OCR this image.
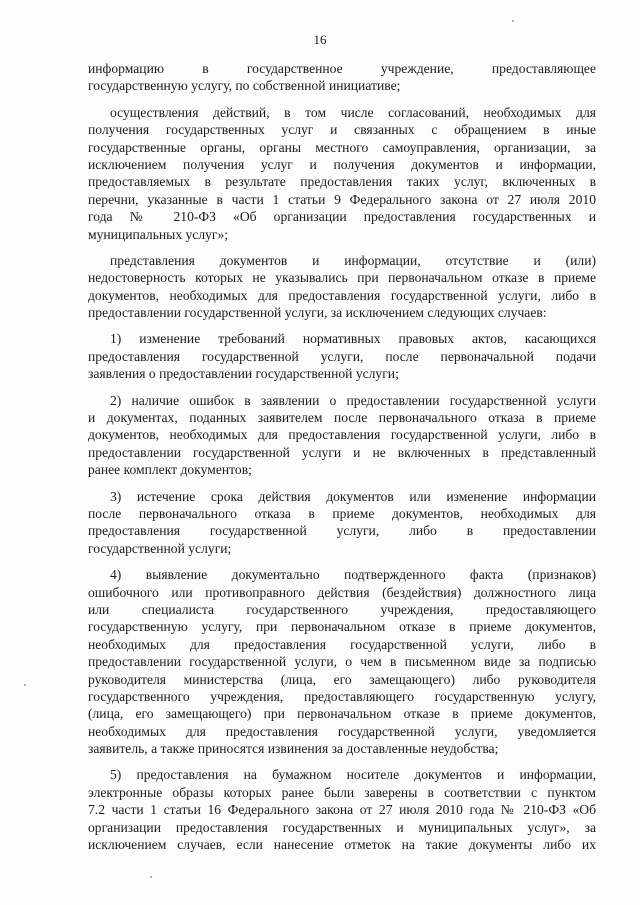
16
информацию в государственное учреждение, предоставляющее
государственную услугу, по собственной инициативе;
осуществления действий, в том числе согласований, необходимых для
получения государственных услуг и связанных с обращением в иные
государственные органы, органы местного самоуправления, организации, за
исключением получения услуг и получения документов и информации,
предоставляемых в результате предоставления таких услуг, включенных в
перечни, указанные в части 1 статьи 9 Федерального закона от 27 июля 2010
года № 210-ФЗ «Об организации предоставления государственных и
муниципальных услуг»;
представления документов и информации, отсутствие и (или)
недостоверность которых не указывались при первоначальном отказе в приеме
документов, необходимых для предоставления государственной услуги, либо в
предоставлении государственной услуги, за исключением следующих случаев:
1) изменение требований нормативных правовых актов, касающихся
предоставления государственной услуги, после первоначальной подачи
заявления о предоставлении государственной услуги;
2) наличие ошибок в заявлении о предоставлении государственной услуги
и документах, поданных заявителем после первоначального отказа в приеме
документов, необходимых для предоставления государственной услуги, либо в
предоставлении государственной услуги и не включенных в представленный
ранее комплект документов;
3) истечение срока действия документов или изменение информации
после первоначального отказа в приеме документов, необходимых для
предоставления государственной услуги, либо в предоставлении
государственной услуги;
4) выявление документально подтвержденного факта (признаков)
ошибочного или противоправного действия (бездействия) должностного лица
или специалиста государственного учреждения, предоставляющего
государственную услугу, при первоначальном отказе в приеме документов,
необходимых для предоставления государственной услуги, либо в
предоставлении государственной услуги, о чем в письменном виде за подписью
руководителя министерства (лица, его замещающего) либо руководителя
государственного учреждения, предоставляющего государственную услугу,
(лица, его замещающего) при первоначальном отказе в приеме документов,
необходимых для предоставления государственной услуги, уведомляется
заявитель, а также приносятся извинения за доставленные неудобства;
5) предоставления на бумажном носителе документов и информации,
электронные образы которых ранее были заверены в соответствии с пунктом
7.2 части 1 статьи 16 Федерального закона от 27 июля 2010 года № 210-ФЗ «Об
организации предоставления государственных и муниципальных услуг», за
исключением случаев, если нанесение отметок на такие документы либо их
